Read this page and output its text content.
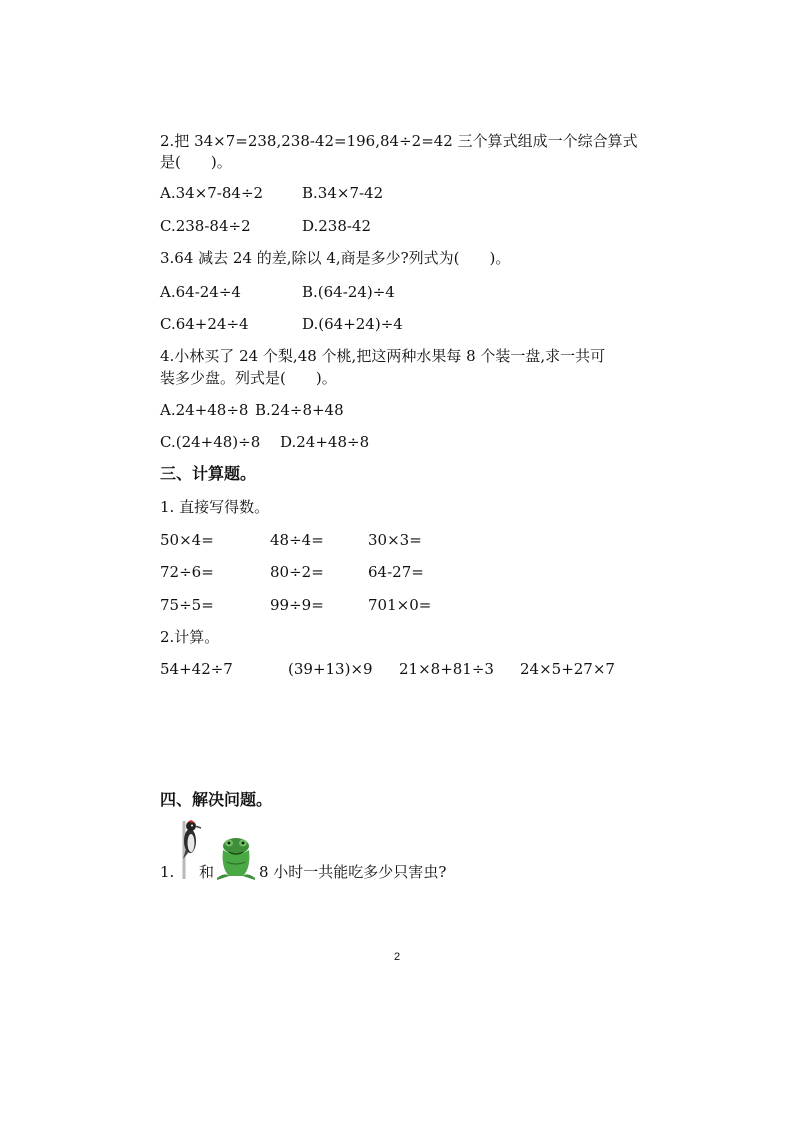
2.把 34×7=238,238-42=196,84÷2=42 三个算式组成一个综合算式
是(　　)。
A.34×7-84÷2	B.34×7-42
C.238-84÷2	D.238-42
3.64 减去 24 的差,除以 4,商是多少?列式为(　　)。
A.64-24÷4	B.(64-24)÷4
C.64+24÷4	D.(64+24)÷4
4.小林买了 24 个梨,48 个桃,把这两种水果每 8 个装一盘,求一共可
装多少盘。列式是(　　)。
A.24+48÷8 B.24÷8+48
C.(24+48)÷8 D.24+48÷8
三、计算题。
1. 直接写得数。
50×4=	48÷4=	30×3=
72÷6=	80÷2=	64-27=
75÷5=	99÷9=	701×0=
2.计算。
54+42÷7	(39+13)×9 21×8+81÷3 24×5+27×7
四、解决问题。
1. 和	8 小时一共能吃多少只害虫?
2
